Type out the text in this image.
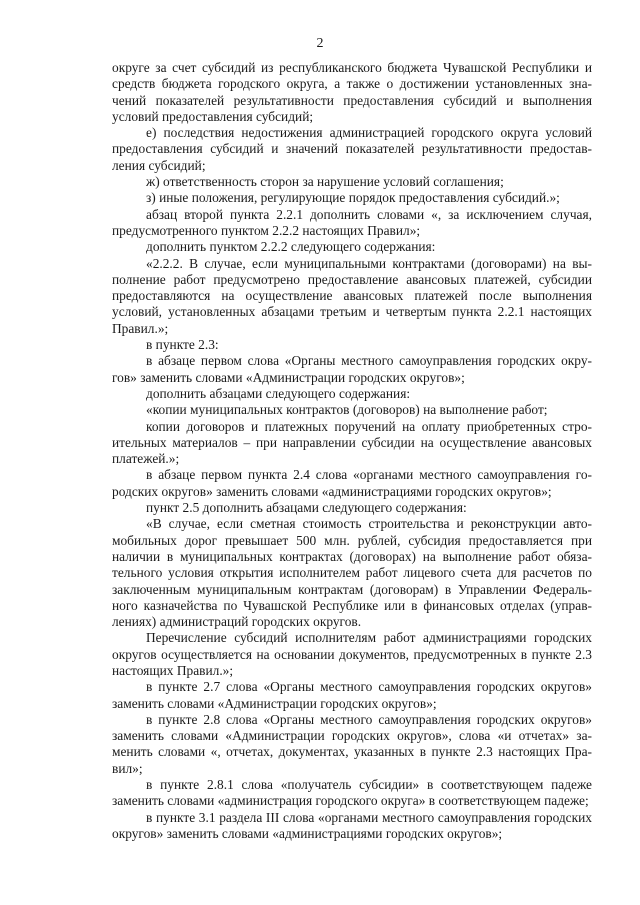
2

округе за счет субсидий из республиканского бюджета Чувашской Республики и средств бюджета городского округа, а также о достижении установленных значений показателей результативности предоставления субсидий и выполнения условий предоставления субсидий;

е) последствия недостижения администрацией городского округа условий предоставления субсидий и значений показателей результативности предоставления субсидий;

ж) ответственность сторон за нарушение условий соглашения;

з) иные положения, регулирующие порядок предоставления субсидий.»;

абзац второй пункта 2.2.1 дополнить словами «, за исключением случая, предусмотренного пунктом 2.2.2 настоящих Правил»;

дополнить пунктом 2.2.2 следующего содержания:

«2.2.2. В случае, если муниципальными контрактами (договорами) на выполнение работ предусмотрено предоставление авансовых платежей, субсидии предоставляются на осуществление авансовых платежей после выполнения условий, установленных абзацами третьим и четвертым пункта 2.2.1 настоящих Правил.»;

в пункте 2.3:

в абзаце первом слова «Органы местного самоуправления городских округов» заменить словами «Администрации городских округов»;

дополнить абзацами следующего содержания:

«копии муниципальных контрактов (договоров) на выполнение работ;

копии договоров и платежных поручений на оплату приобретенных строительных материалов – при направлении субсидии на осуществление авансовых платежей.»;

в абзаце первом пункта 2.4 слова «органами местного самоуправления городских округов» заменить словами «администрациями городских округов»;

пункт 2.5 дополнить абзацами следующего содержания:

«В случае, если сметная стоимость строительства и реконструкции автомобильных дорог превышает 500 млн. рублей, субсидия предоставляется при наличии в муниципальных контрактах (договорах) на выполнение работ обязательного условия открытия исполнителем работ лицевого счета для расчетов по заключенным муниципальным контрактам (договорам) в Управлении Федерального казначейства по Чувашской Республике или в финансовых отделах (управлениях) администраций городских округов.

Перечисление субсидий исполнителям работ администрациями городских округов осуществляется на основании документов, предусмотренных в пункте 2.3 настоящих Правил.»;

в пункте 2.7 слова «Органы местного самоуправления городских округов» заменить словами «Администрации городских округов»;

в пункте 2.8 слова «Органы местного самоуправления городских округов» заменить словами «Администрации городских округов», слова «и отчетах» заменить словами «, отчетах, документах, указанных в пункте 2.3 настоящих Правил»;

в пункте 2.8.1 слова «получатель субсидии» в соответствующем падеже заменить словами «администрация городского округа» в соответствующем падеже;

в пункте 3.1 раздела III слова «органами местного самоуправления городских округов» заменить словами «администрациями городских округов»;
